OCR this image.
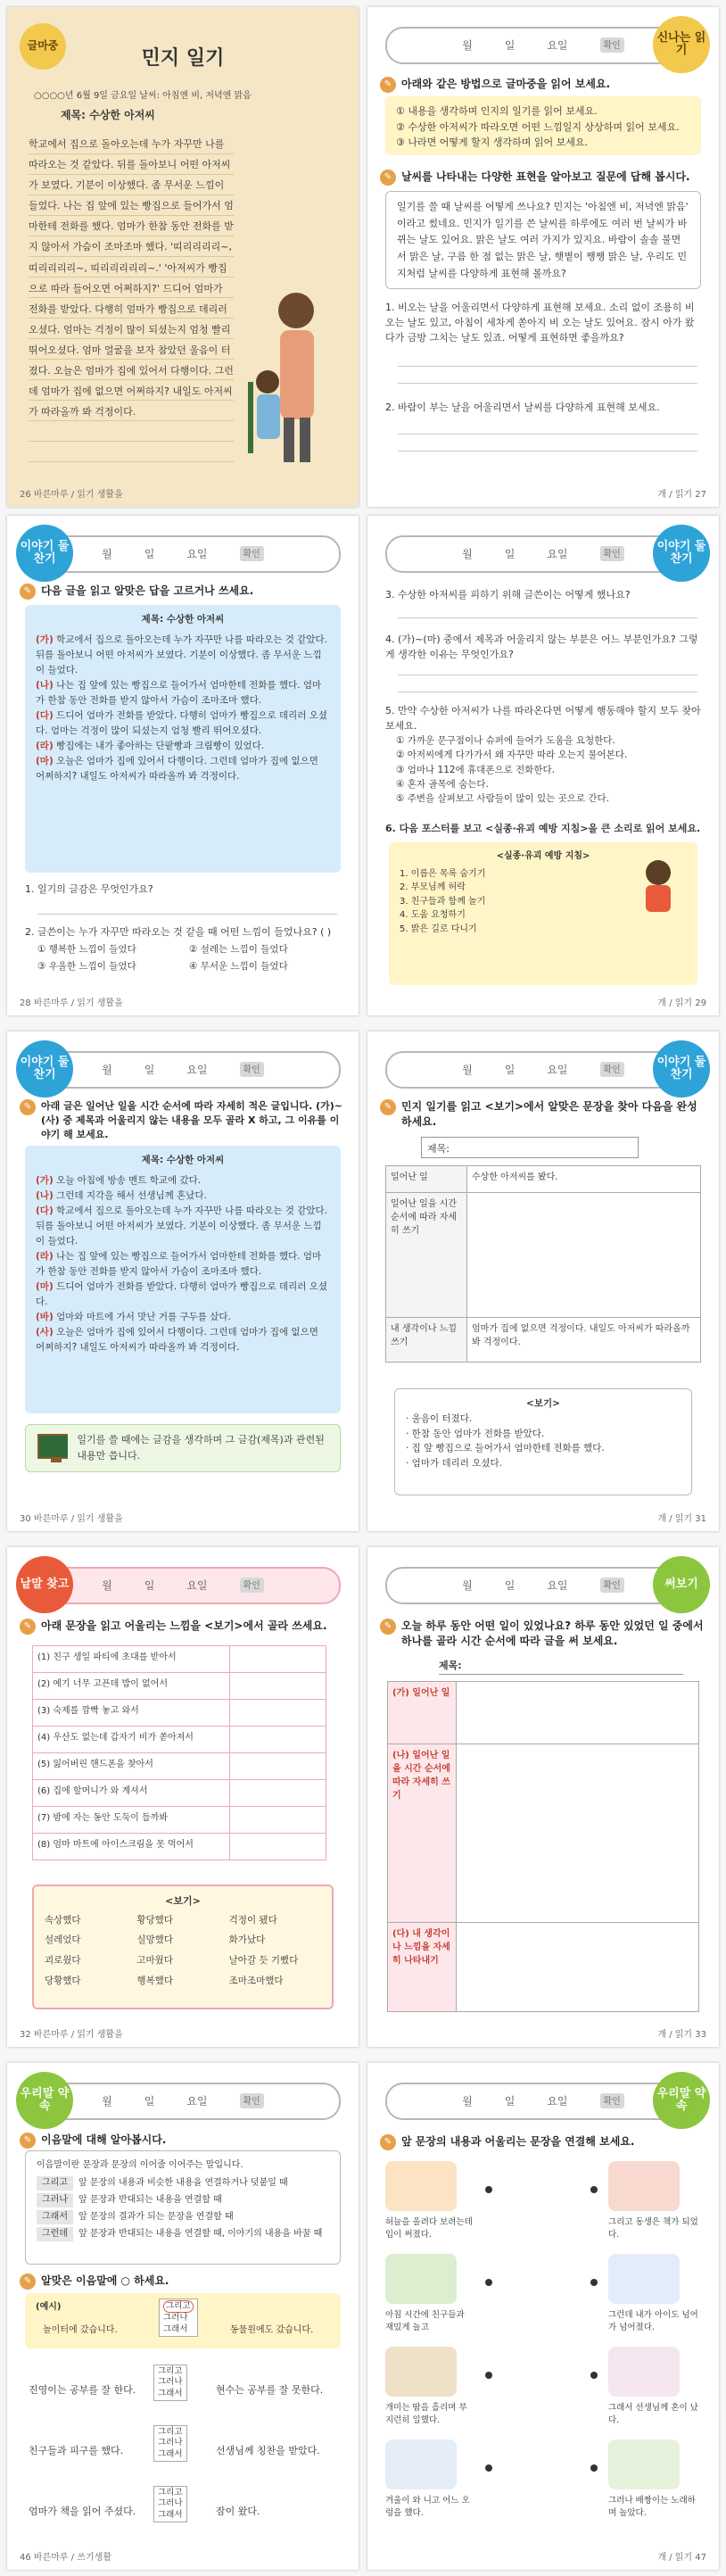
글마중
민지 일기
○○○○년 6월 9일 금요일 날씨: 아침엔 비, 저녁엔 맑음
제목: 수상한 아저씨
학교에서 집으로 돌아오는데 누가 자꾸만 나를 따라오는 것 같았다. 뒤를 돌아보니 어떤 아저씨가 보였다. 기분이 이상했다. 좀 무서운 느낌이 들었다. 나는 집 앞에 있는 빵집으로 들어가서 엄마한테 전화를 했다. 엄마가 한참 동안 전화를 받지 않아서 가슴이 조마조마 했다. '띠리리리리~, 띠리리리리~, 띠리리리리리~.' '아저씨가 빵집으로 따라 들어오면 어쩌하지?' 드디어 엄마가 전화를 받았다. 다행히 엄마가 빵집으로 데리러 오셨다. 엄마는 걱정이 많이 되셨는지 엄청 빨리 뛰어오셨다. 엄마 얼굴을 보자 참았던 울음이 터졌다. 오늘은 엄마가 집에 있어서 다행이다. 그런데 엄마가 집에 없으면 어쩌하지? 내일도 아저씨가 따라올까 봐 걱정이다.
26 바른마루 / 읽기 생활을
월	일	요일	확인
신나는 읽기
✎ 아래와 같은 방법으로 글마중을 읽어 보세요.
① 내용을 생각하며 인지의 일기를 읽어 보세요.
② 수상한 아저씨가 따라오면 어떤 느낌일지 상상하며 읽어 보세요.
③ 나라면 어떻게 할지 생각하며 읽어 보세요.
✎ 날씨를 나타내는 다양한 표현을 알아보고 질문에 답해 봅시다.
일기를 쓸 때 날씨를 어떻게 쓰나요? 민지는 '아침엔 비, 저녁엔 맑음' 이라고 썼네요. 민지가 일기를 쓴 날씨를 하루에도 여러 번 날씨가 바뀌는 날도 있어요. 맑은 날도 여러 가지가 있지요. 바람이 솔솔 불면서 맑은 날, 구름 한 점 없는 맑은 날, 햇볕이 쨍쨍 맑은 날, 우리도 민지처럼 날씨를 다양하게 표현해 볼까요?
1. 비오는 날을 어울리면서 다양하게 표현해 보세요. 소리 없이 조용히 비오는 날도 있고, 아침이 세차게 쏟아지 비 오는 날도 있어요. 잠시 아가 왔다가 금방 그치는 날도 있죠. 어떻게 표현하면 좋을까요?
2. 바람이 부는 날을 어울리면서 날씨를 다양하게 표현해 보세요.
개 / 읽기 27
월	일	요일	확인
이야기 둘찬기
✎ 다음 글을 읽고 알맞은 답을 고르거나 쓰세요.
제목: 수상한 아저씨
(가) 학교에서 집으로 돌아오는데 누가 자꾸만 나를 따라오는 것 같았다. 뒤를 돌아보니 어떤 아저씨가 보였다. 기분이 이상했다. 좀 무서운 느낌이 들었다.
(나) 나는 집 앞에 있는 빵집으로 들어가서 엄마한테 전화를 했다. 엄마가 한참 동안 전화를 받지 않아서 가슴이 조마조마 했다.
(다) 드디어 엄마가 전화를 받았다. 다행히 엄마가 빵집으로 데리러 오셨다. 엄마는 걱정이 많이 되셨는지 엄청 빨리 뛰어오셨다.
(라) 빵집에는 내가 좋아하는 단팥빵과 크림빵이 있었다.
(마) 오늘은 엄마가 집에 있어서 다행이다. 그런데 엄마가 집에 없으면 어쩌하지? 내일도 아저씨가 따라올까 봐 걱정이다.
1. 일기의 글감은 무엇인가요?
2. 글쓴이는 누가 자꾸만 따라오는 것 같을 때 어떤 느낌이 들었나요? ( )
① 행복한 느낌이 들었다	② 설레는 느낌이 들었다
③ 우울한 느낌이 들었다	④ 무서운 느낌이 들었다
28 바른마루 / 읽기 생활을
월	일	요일	확인
이야기 둘찬기
3. 수상한 아저씨를 피하기 위해 글쓴이는 어떻게 했나요?
4. (가)~(마) 중에서 제목과 어울리지 않는 부분은 어느 부분인가요? 그렇게 생각한 이유는 무엇인가요?
5. 만약 수상한 아저씨가 나를 따라온다면 어떻게 행동해야 할지 모두 찾아 보세요.
① 가까운 문구점이나 슈퍼에 들어가 도움을 요청한다.
② 아저씨에게 다가가서 왜 자꾸만 따라 오는지 물어본다.
③ 엄마나 112에 휴대폰으로 전화한다.
④ 혼자 골목에 숨는다.
⑤ 주변을 살펴보고 사람들이 많이 있는 곳으로 간다.
6. 다음 포스터를 보고 <실종·유괴 예방 지침>을 큰 소리로 읽어 보세요.
<실종·유괴 예방 지침>
1. 이름은 목록 숨기기
2. 부모님께 허락
3. 친구들과 함께 놀기
4. 도움 요청하기
5. 밝은 길로 다니기
개 / 읽기 29
월	일	요일	확인
이야기 둘찬기
✎ 아래 글은 일어난 일을 시간 순서에 따라 자세히 적은 글입니다. (가)~(사) 중 제목과 어울리지 않는 내용을 모두 골라 X 하고, 그 이유를 이야기 해 보세요.
제목: 수상한 아저씨
(가) 오늘 아침에 방송 멘트 학교에 갔다.
(나) 그런데 지각을 해서 선생님께 혼났다.
(다) 학교에서 집으로 돌아오는데 누가 자꾸만 나를 따라오는 것 같았다. 뒤를 돌아보니 어떤 아저씨가 보였다. 기분이 이상했다. 좀 무서운 느낌이 들었다.
(라) 나는 집 앞에 있는 빵집으로 들어가서 엄마한테 전화를 했다. 엄마가 한참 동안 전화를 받지 않아서 가슴이 조마조마 했다.
(마) 드디어 엄마가 전화를 받았다. 다행히 엄마가 빵집으로 데리러 오셨다.
(바) 엄마와 마트에 가서 맛난 거를 구두를 샀다.
(사) 오늘은 엄마가 집에 있어서 다행이다. 그런데 엄마가 집에 없으면 어쩌하지? 내일도 아저씨가 따라올까 봐 걱정이다.
일기를 쓸 때에는 글감을 생각하며 그 글감(제목)과 관련된 내용만 씁니다.
30 바른마루 / 읽기 생활을
월	일	요일	확인
이야기 둘찬기
✎ 민지 일기를 읽고 <보기>에서 알맞은 문장을 찾아 다음을 완성 하세요.
제목:
일어난 일	수상한 아저씨를 봤다.
일어난 일을 시간 순서에 따라 자세히 쓰기	
내 생각이나 느낌 쓰기	엄마가 집에 없으면 걱정이다. 내일도 아저씨가 따라올까 봐 걱정이다.
<보기>
· 울음이 터졌다.
· 한참 동안 엄마가 전화를 받았다.
· 집 앞 빵집으로 들어가서 엄마한테 전화를 했다.
· 엄마가 데리러 오셨다.
개 / 읽기 31
월	일	요일	확인
낱말 찾고
✎ 아래 문장을 읽고 어울리는 느낌을 <보기>에서 골라 쓰세요.
(1) 친구 생일 파티에 초대를 받아서	
(2) 예기 너무 고픈데 밥이 없어서	
(3) 숙제를 깜빡 놓고 와서	
(4) 우산도 없는데 갑자기 비가 쏟아져서	
(5) 잃어버린 핸드폰을 찾아서	
(6) 집에 할머니가 와 계셔서	
(7) 밤에 자는 동안 도둑이 들까봐	
(8) 엄마 마트에 아이스크림을 못 먹어서	
<보기>
속상했다	황당했다	걱정이 됐다
설레었다	실망했다	화가났다
괴로웠다	고마웠다	날아갈 듯 기뻤다
당황했다	행복했다	조마조마했다
32 바른마루 / 읽기 생활을
월	일	요일	확인	써보기
✎ 오늘 하루 동안 어떤 일이 있었나요? 하루 동안 있었던 일 중에서 하나를 골라 시간 순서에 따라 글을 써 보세요.
제목:
(가) 일어난 일	
(나) 일어난 일을 시간 순서에 따라 자세히 쓰기	
(다) 내 생각이나 느낌을 자세히 나타내기	
개 / 읽기 33
월	일	요일	확인
우리말 약속
✎ 이음말에 대해 알아봅시다.
이음말이란 문장과 문장의 이어줄 이어주는 말입니다.
그리고	앞 문장의 내용과 비슷한 내용을 연결하거나 덧붙일 때
그러나	앞 문장과 반대되는 내용을 연결할 때
그래서	앞 문장의 결과가 되는 문장을 연결할 때
그런데	앞 문장과 반대되는 내용을 연결할 때, 이야기의 내용을 바꿀 때
✎ 알맞은 이음말에 ○ 하세요.
(예시)
놀이터에 갔습니다.
그리고
그러나
그래서	동물원에도 갔습니다.
진영이는 공부를 잘 한다.
그리고
그러나
그래서	현수는 공부를 잘 못한다.
친구들과 피구를 했다.
그리고
그러나
그래서	선생님께 칭찬을 받았다.
엄마가 책을 읽어 주셨다.
그리고
그러나
그래서	잠이 왔다.
46 바른마루 / 쓰기생활
월	일	요일	확인
우리말 약속
✎ 앞 문장의 내용과 어울리는 문장을 연결해 보세요.
허늘을 올려다 보려는데 입이 써졌다.
그리고 동생은 책가 되었다.
아침 시간에 친구들과 재밌게 놀고
그런데 내가 아이도 넘어가 넘어졌다.
개미는 땀을 흘리며 부지런히 일했다.
그래서 선생님께 혼이 났다.
겨울이 와 니고 어느 오렁을 했다.
그러나 배짱이는 노래하며 놀았다.
개 / 읽기 47
